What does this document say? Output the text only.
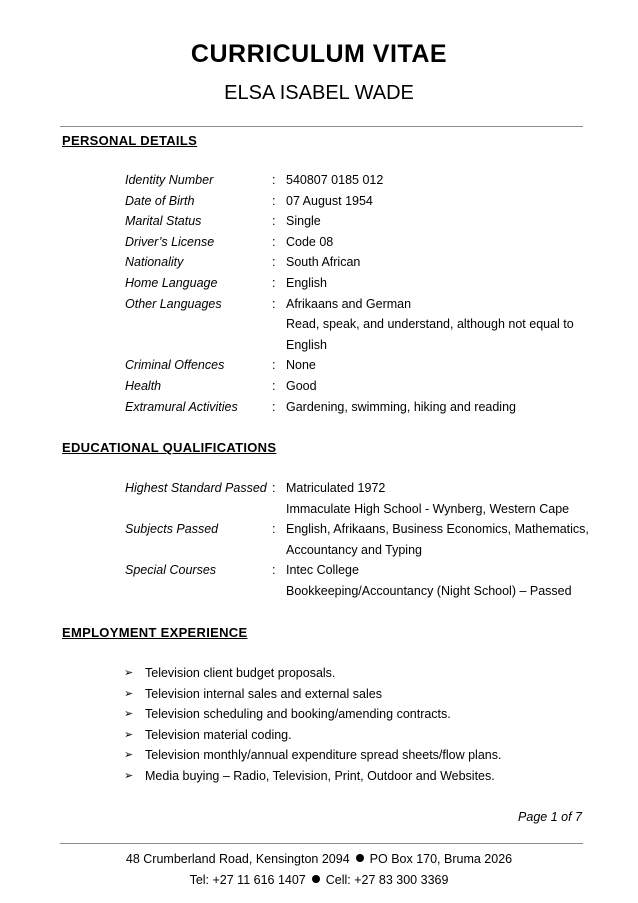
CURRICULUM VITAE
ELSA ISABEL WADE
PERSONAL DETAILS
Identity Number	: 540807 0185 012
Date of Birth	: 07 August 1954
Marital Status	: Single
Driver’s License	: Code 08
Nationality	: South African
Home Language	: English
Other Languages	: Afrikaans and German
Read, speak, and understand, although not equal to
English
Criminal Offences	: None
Health	: Good
Extramural Activities	: Gardening, swimming, hiking and reading
EDUCATIONAL QUALIFICATIONS
Highest Standard Passed : Matriculated 1972
Immaculate High School - Wynberg, Western Cape
Subjects Passed	: English, Afrikaans, Business Economics, Mathematics,
Accountancy and Typing
Special Courses	: Intec College
Bookkeeping/Accountancy (Night School) – Passed
EMPLOYMENT EXPERIENCE
➢ Television client budget proposals.
➢ Television internal sales and external sales
➢ Television scheduling and booking/amending contracts.
➢ Television material coding.
➢ Television monthly/annual expenditure spread sheets/flow plans.
➢ Media buying – Radio, Television, Print, Outdoor and Websites.
Page 1 of 7
48 Crumberland Road, Kensington 2094 PO Box 170, Bruma 2026
Tel: +27 11 616 1407 Cell: +27 83 300 3369
